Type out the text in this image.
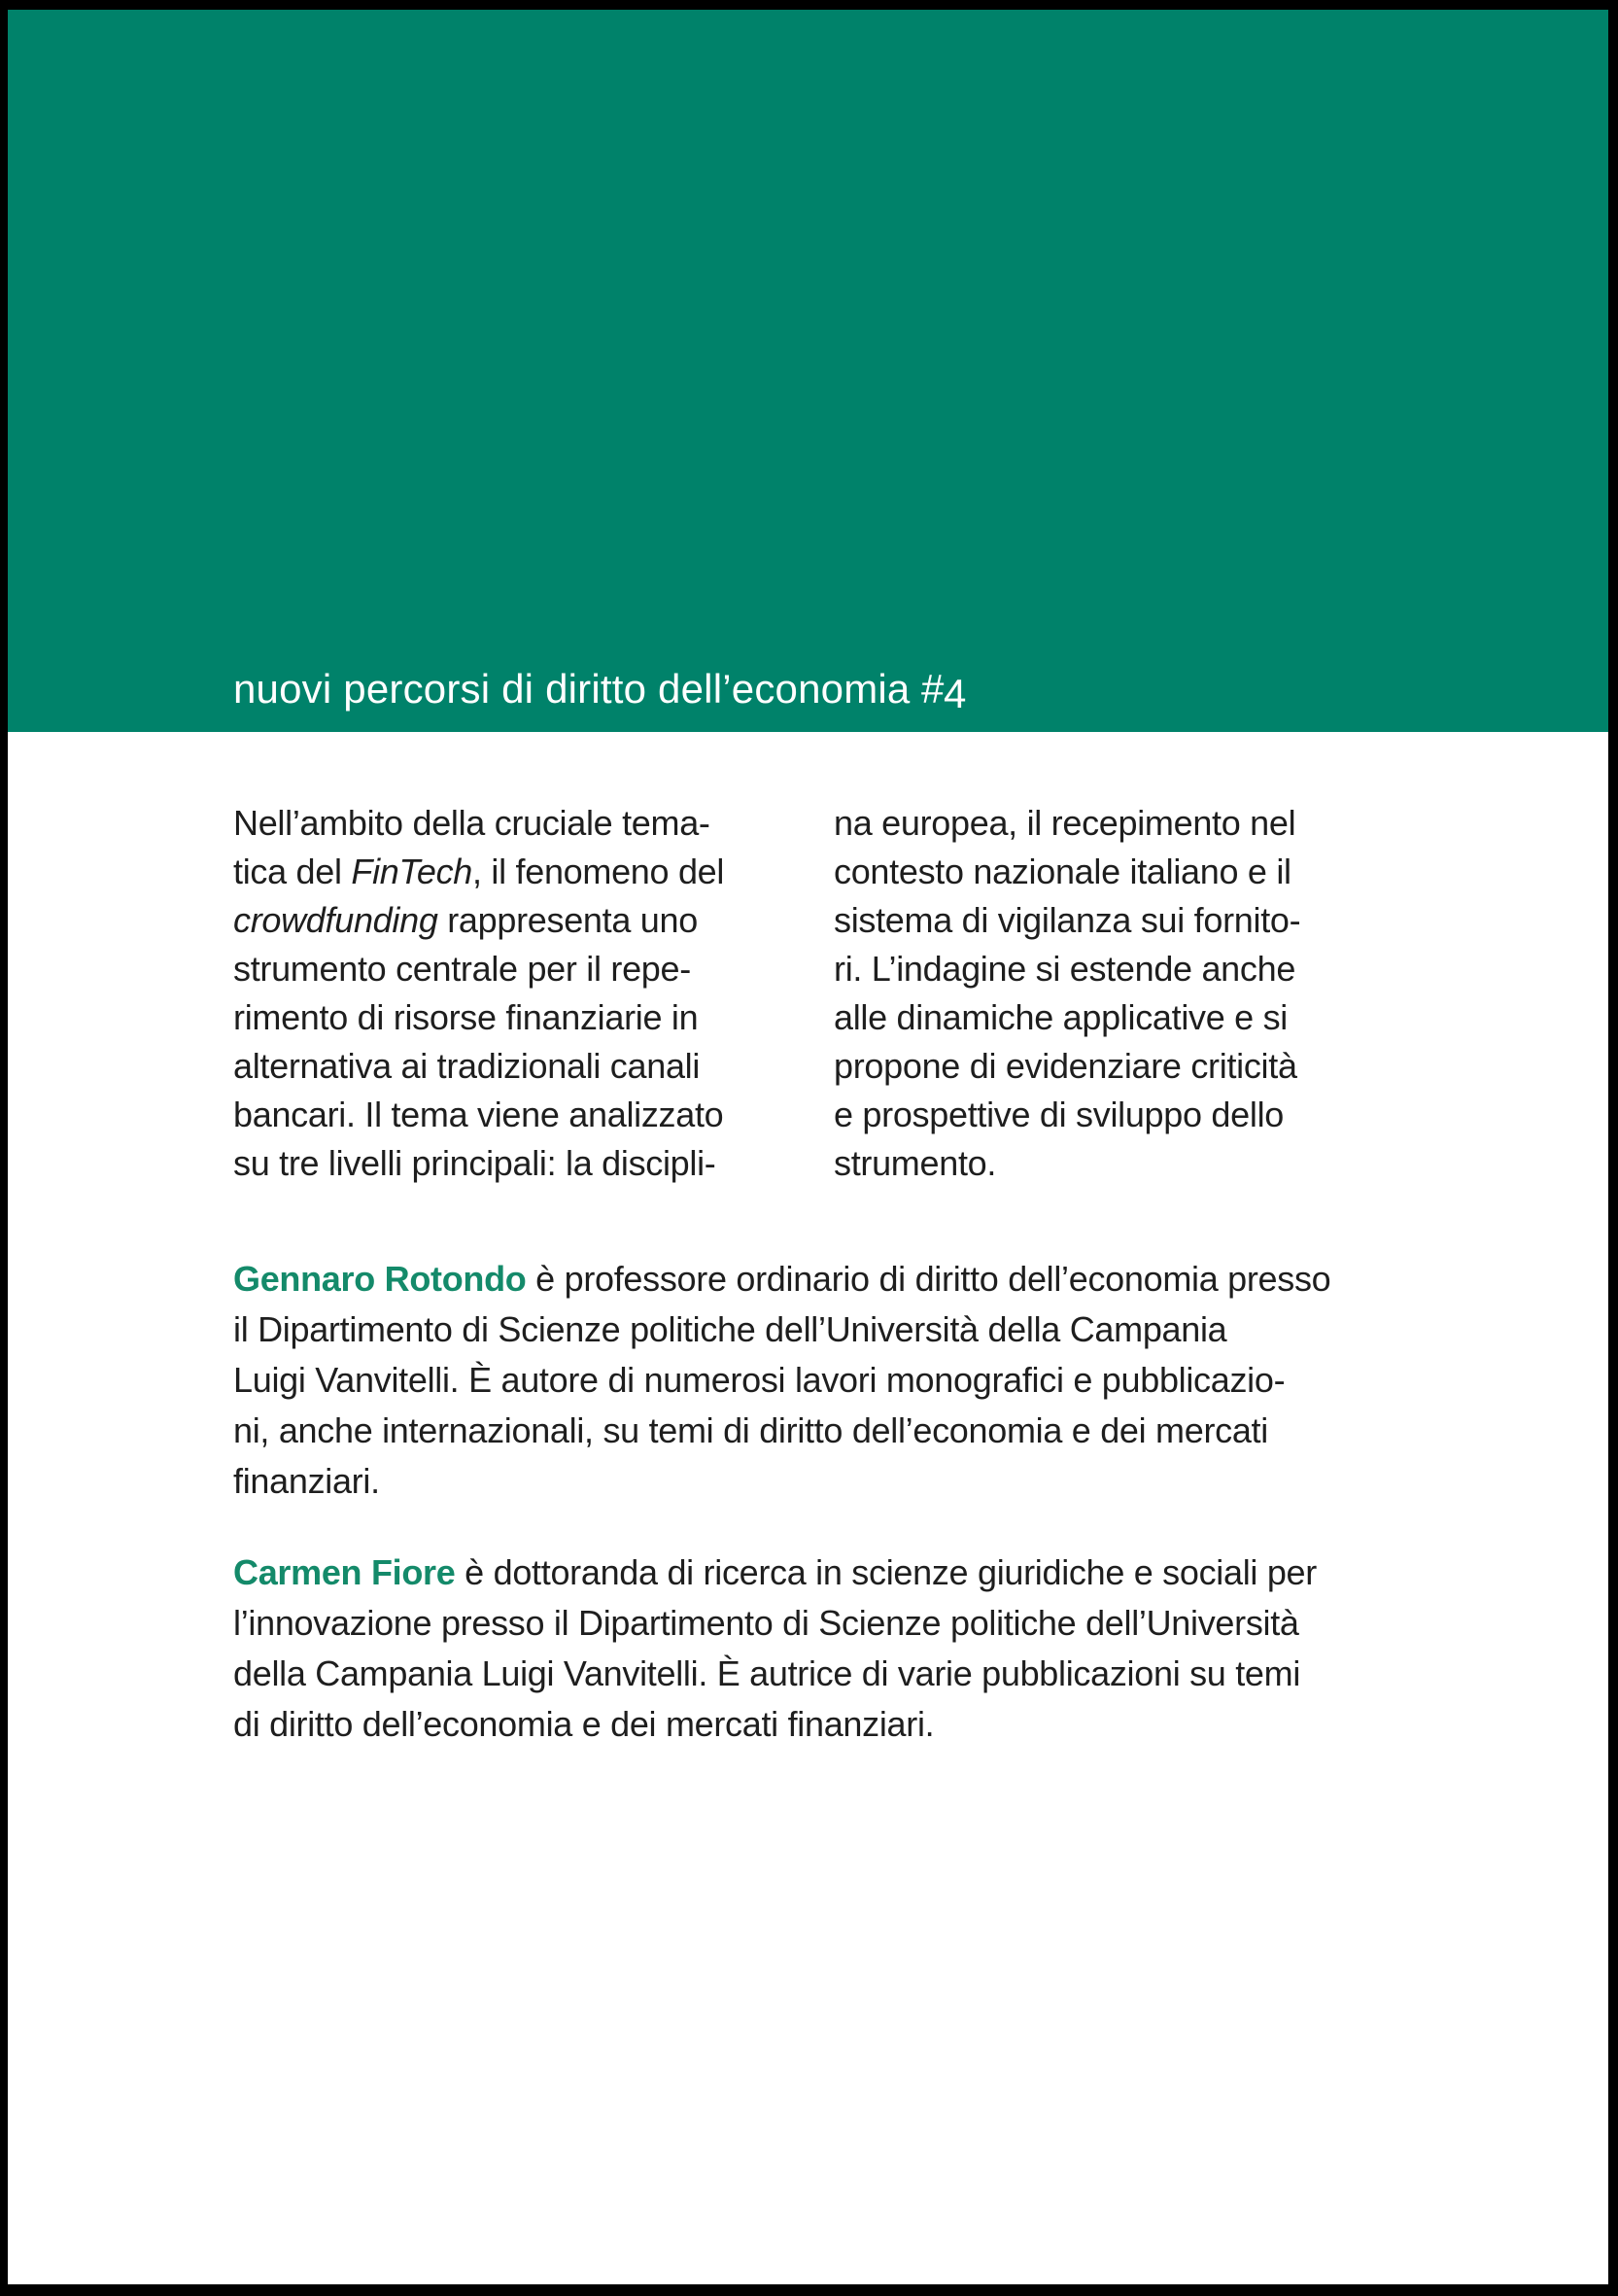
nuovi percorsi di diritto dell’economia #4
Nell’ambito della cruciale tema-
tica del FinTech, il fenomeno del
crowdfunding rappresenta uno
strumento centrale per il repe-
rimento di risorse finanziarie in
alternativa ai tradizionali canali
bancari. Il tema viene analizzato
su tre livelli principali: la discipli-
na europea, il recepimento nel
contesto nazionale italiano e il
sistema di vigilanza sui fornito-
ri. L’indagine si estende anche
alle dinamiche applicative e si
propone di evidenziare criticità
e prospettive di sviluppo dello
strumento.
Gennaro Rotondo è professore ordinario di diritto dell’economia presso
il Dipartimento di Scienze politiche dell’Università della Campania
Luigi Vanvitelli. È autore di numerosi lavori monografici e pubblicazio-
ni, anche internazionali, su temi di diritto dell’economia e dei mercati
finanziari.
Carmen Fiore è dottoranda di ricerca in scienze giuridiche e sociali per
l’innovazione presso il Dipartimento di Scienze politiche dell’Università
della Campania Luigi Vanvitelli. È autrice di varie pubblicazioni su temi
di diritto dell’economia e dei mercati finanziari.
